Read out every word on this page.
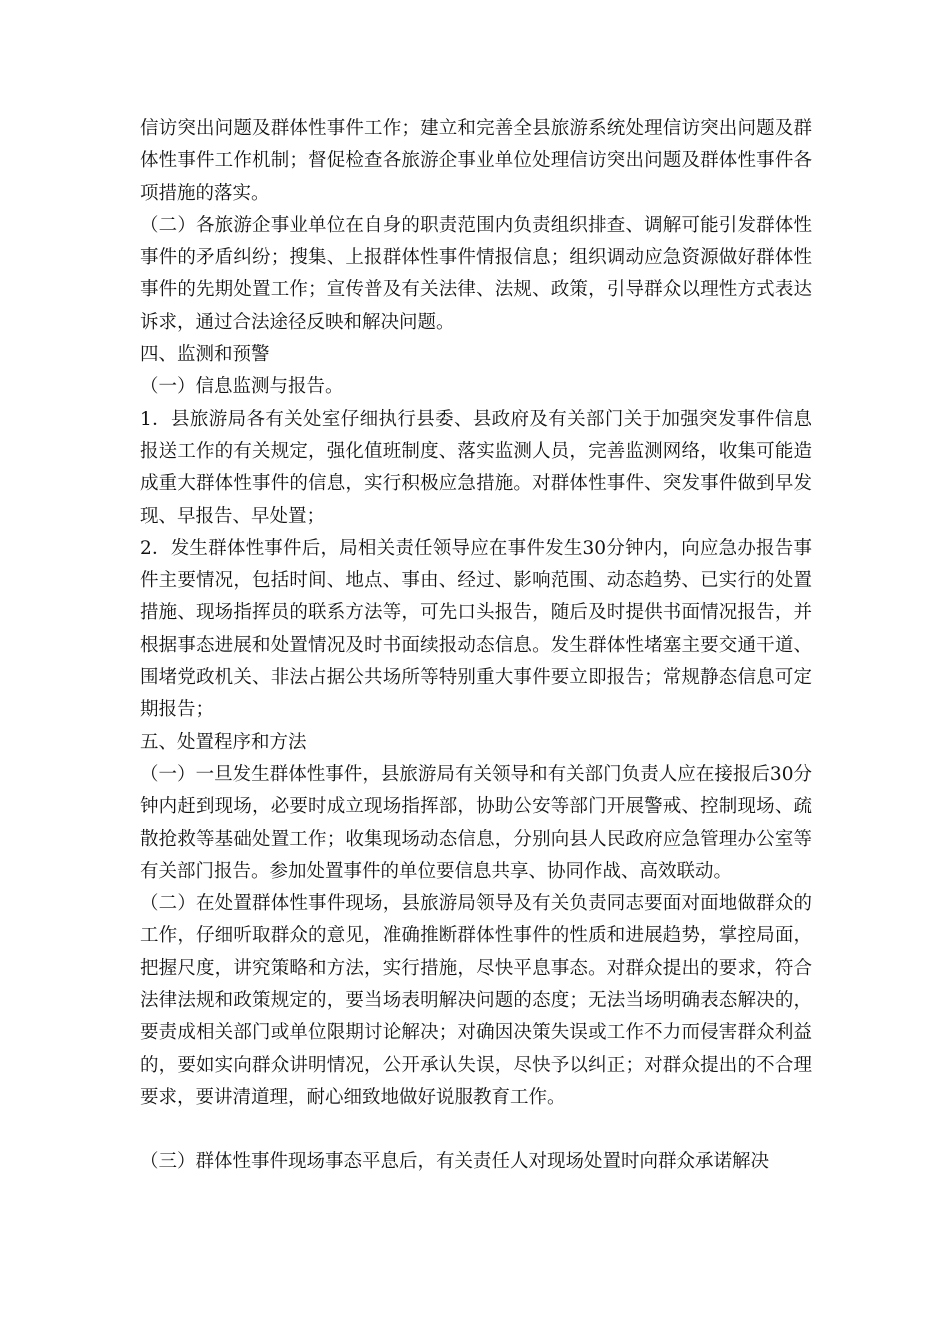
信访突出问题及群体性事件工作；建立和完善全县旅游系统处理信访突出问题及群体性事件工作机制；督促检查各旅游企事业单位处理信访突出问题及群体性事件各项措施的落实。

（二）各旅游企事业单位在自身的职责范围内负责组织排查、调解可能引发群体性事件的矛盾纠纷；搜集、上报群体性事件情报信息；组织调动应急资源做好群体性事件的先期处置工作；宣传普及有关法律、法规、政策，引导群众以理性方式表达诉求，通过合法途径反映和解决问题。

四、监测和预警

（一）信息监测与报告。

1．县旅游局各有关处室仔细执行县委、县政府及有关部门关于加强突发事件信息报送工作的有关规定，强化值班制度、落实监测人员，完善监测网络，收集可能造成重大群体性事件的信息，实行积极应急措施。对群体性事件、突发事件做到早发现、早报告、早处置；

2．发生群体性事件后，局相关责任领导应在事件发生30分钟内，向应急办报告事件主要情况，包括时间、地点、事由、经过、影响范围、动态趋势、已实行的处置措施、现场指挥员的联系方法等，可先口头报告，随后及时提供书面情况报告，并根据事态进展和处置情况及时书面续报动态信息。发生群体性堵塞主要交通干道、围堵党政机关、非法占据公共场所等特别重大事件要立即报告；常规静态信息可定期报告；

五、处置程序和方法

（一）一旦发生群体性事件，县旅游局有关领导和有关部门负责人应在接报后30分钟内赶到现场，必要时成立现场指挥部，协助公安等部门开展警戒、控制现场、疏散抢救等基础处置工作；收集现场动态信息，分别向县人民政府应急管理办公室等有关部门报告。参加处置事件的单位要信息共享、协同作战、高效联动。

（二）在处置群体性事件现场，县旅游局领导及有关负责同志要面对面地做群众的工作，仔细听取群众的意见，准确推断群体性事件的性质和进展趋势，掌控局面，把握尺度，讲究策略和方法，实行措施，尽快平息事态。对群众提出的要求，符合法律法规和政策规定的，要当场表明解决问题的态度；无法当场明确表态解决的，要责成相关部门或单位限期讨论解决；对确因决策失误或工作不力而侵害群众利益的，要如实向群众讲明情况，公开承认失误，尽快予以纠正；对群众提出的不合理要求，要讲清道理，耐心细致地做好说服教育工作。

（三）群体性事件现场事态平息后，有关责任人对现场处置时向群众承诺解决
